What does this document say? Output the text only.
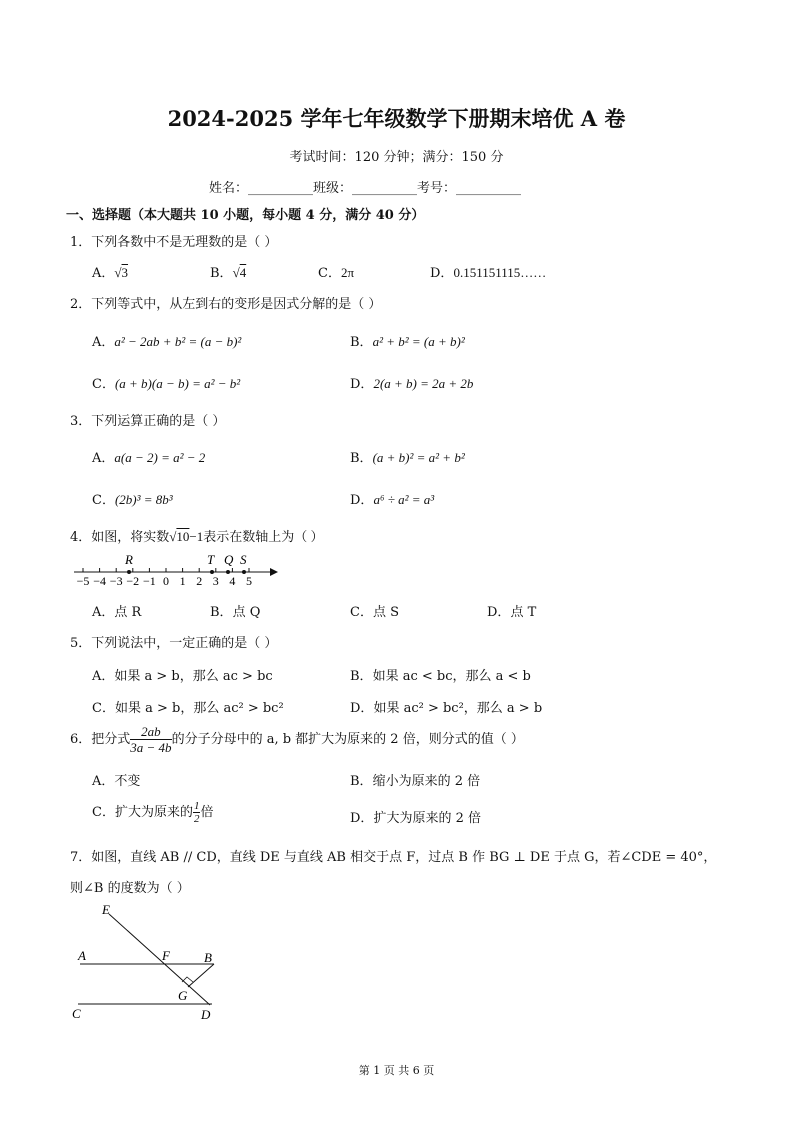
2024-2025 学年七年级数学下册期末培优 A 卷
考试时间：120 分钟；满分：150 分
姓名：__________班级：__________考号：__________
一、选择题（本大题共 10 小题，每小题 4 分，满分 40 分）
1．下列各数中不是无理数的是（ ）
A．√3	B．√4	C．2π	D．0.151151115……
2．下列等式中，从左到右的变形是因式分解的是（ ）
A．a² − 2ab + b² = (a − b)²	B．a² + b² = (a + b)²
C．(a + b)(a − b) = a² − b²	D．2(a + b) = 2a + 2b
3．下列运算正确的是（ ）
A．a(a − 2) = a² − 2	B．(a + b)² = a² + b²
C．(2b)³ = 8b³	D．a⁶ ÷ a² = a³
4．如图，将实数√10−1表示在数轴上为（ ）
−5 −4 −3 −2 −1 0 1 2 3 4 5
R	T Q S
A．点 R	B．点 Q	C．点 S	D．点 T
5．下列说法中，一定正确的是（ ）
A．如果 a > b，那么 ac > bc	B．如果 ac < bc，那么 a < b
C．如果 a > b，那么 ac² > bc²	D．如果 ac² > bc²，那么 a > b
6．把分式 $\frac{2ab}{3a - 4b}$ 的分子分母中的 a, b 都扩大为原来的 2 倍，则分式的值（ ）
A．不变	B．缩小为原来的 2 倍
C．扩大为原来的 $\frac{1}{2}$ 倍	D．扩大为原来的 2 倍
7．如图，直线 AB // CD，直线 DE 与直线 AB 相交于点 F，过点 B 作 BG ⊥ DE 于点 G，若∠CDE = 40°，
则∠B 的度数为（ ）
E
A	F	B
G
C	D
第 1 页 共 6 页
